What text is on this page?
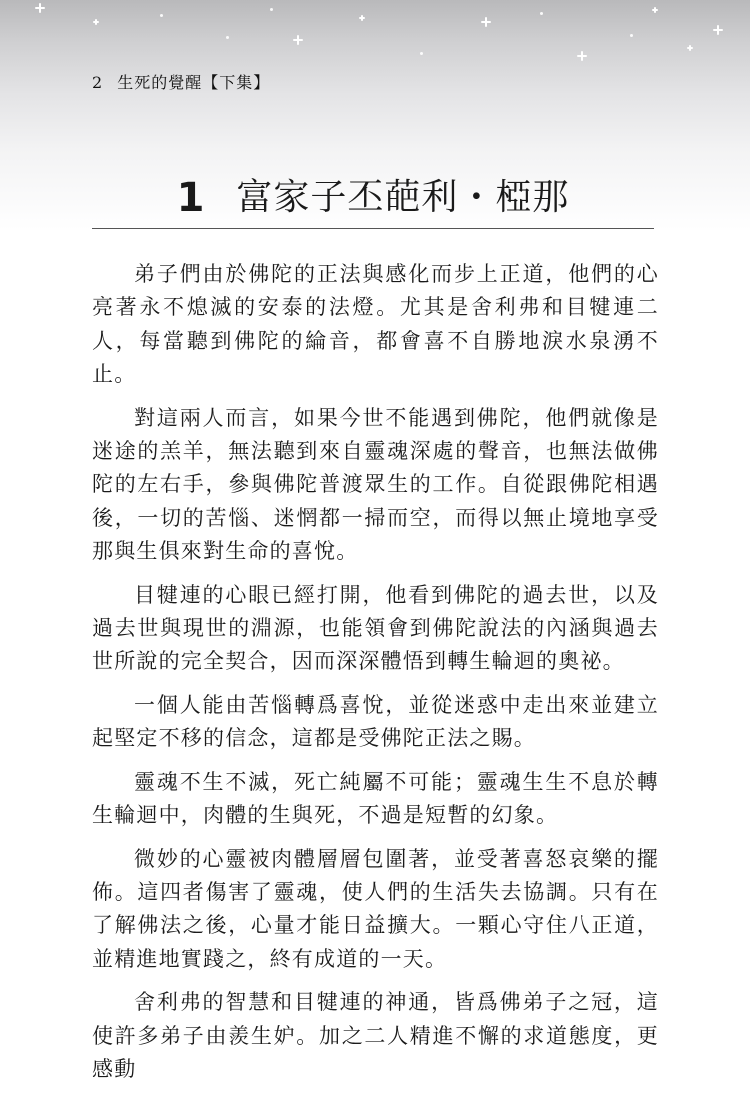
2 生死的覺醒【下集】
1 富家子丕葩利・椏那

弟子們由於佛陀的正法與感化而步上正道，他們的心亮著永不熄滅的安泰的法燈。尤其是舍利弗和目犍連二人，每當聽到佛陀的綸音，都會喜不自勝地淚水泉湧不止。

對這兩人而言，如果今世不能遇到佛陀，他們就像是迷途的羔羊，無法聽到來自靈魂深處的聲音，也無法做佛陀的左右手，參與佛陀普渡眾生的工作。自從跟佛陀相遇後，一切的苦惱、迷惘都一掃而空，而得以無止境地享受那與生俱來對生命的喜悅。

目犍連的心眼已經打開，他看到佛陀的過去世，以及過去世與現世的淵源，也能領會到佛陀說法的內涵與過去世所說的完全契合，因而深深體悟到轉生輪迴的奧祕。

一個人能由苦惱轉爲喜悅，並從迷惑中走出來並建立起堅定不移的信念，這都是受佛陀正法之賜。

靈魂不生不滅，死亡純屬不可能；靈魂生生不息於轉生輪迴中，肉體的生與死，不過是短暫的幻象。

微妙的心靈被肉體層層包圍著，並受著喜怒哀樂的擺佈。這四者傷害了靈魂，使人們的生活失去協調。只有在了解佛法之後，心量才能日益擴大。一顆心守住八正道，並精進地實踐之，終有成道的一天。

舍利弗的智慧和目犍連的神通，皆爲佛弟子之冠，這使許多弟子由羨生妒。加之二人精進不懈的求道態度，更感動
